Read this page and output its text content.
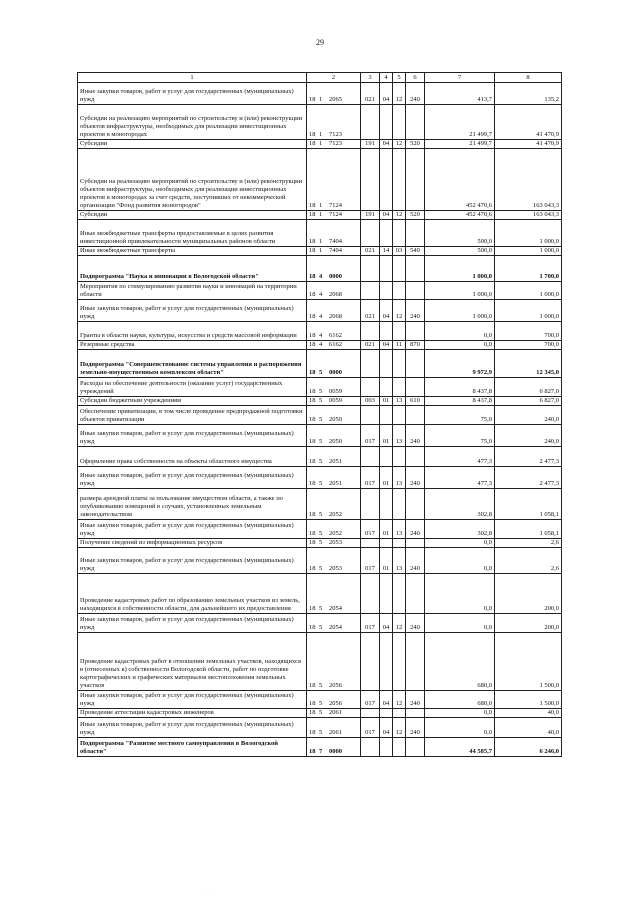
29
1	2	3	4	5	6	7	8
Иные закупки товаров, работ и услуг для государственных (муниципальных) нужд	18 1 2065	021	04	12	240	413,7	135,2
Субсидии на реализацию мероприятий по строительству и (или) реконструкции объектов инфраструктуры, необходимых для реализации инвестиционных проектов в моногородах	18 1 7123					21 499,7	41 470,9
Субсидии	18 1 7123	191	04	12	520	21 499,7	41 470,9
Субсидии на реализацию мероприятий по строительству и (или) реконструкции объектов инфраструктуры, необходимых для реализации инвестиционных проектов в моногородах за счет средств, поступивших от некоммерческой организации "Фонд развития моногородов"	18 1 7124					452 470,6	163 043,3
Субсидии	18 1 7124	191	04	12	520	452 470,6	163 043,3
Иные межбюджетные трансферты предоставляемые в целях развития инвестиционной привлекательности муниципальных районов области	18 1 7404					500,0	1 000,0
Иные межбюджетные трансферты	18 1 7404	021	14	03	540	500,0	1 000,0
Подпрограмма "Наука и инновации в Вологодской области"	18 4 0000					1 000,0	1 700,0
Мероприятия по стимулированию развития науки и инноваций на территории области	18 4 2068					1 000,0	1 000,0
Иные закупки товаров, работ и услуг для государственных (муниципальных) нужд	18 4 2068	021	04	12	240	1 000,0	1 000,0
Гранты в области науки, культуры, искусства и средств массовой информации	18 4 6162					0,0	700,0
Резервные средства	18 4 6162	021	04	11	870	0,0	700,0
Подпрограмма "Совершенствование системы управления и распоряжения земельно-имущественным комплексом области"	18 5 0000					9 972,9	12 345,0
Расходы на обеспечение деятельности (оказание услуг) государственных учреждений	18 5 0059					8 437,8	6 827,0
Субсидии бюджетным учреждениям	18 5 0059	003	01	13	610	8 437,8	6 827,0
Обеспечение приватизации, в том числе проведение предпродажной подготовки объектов приватизации	18 5 2050					75,0	240,0
Иные закупки товаров, работ и услуг для государственных (муниципальных) нужд	18 5 2050	017	01	13	240	75,0	240,0
Оформление права собственности на объекты областного имущества	18 5 2051					477,3	2 477,3
Иные закупки товаров, работ и услуг для государственных (муниципальных) нужд	18 5 2051	017	01	13	240	477,3	2 477,3
размера арендной платы за пользование имуществом области, а также по опубликованию извещений в случаях, установленных земельным законодательством	18 5 2052					302,8	1 058,1
Иные закупки товаров, работ и услуг для государственных (муниципальных) нужд	18 5 2052	017	01	13	240	302,8	1 058,1
Получение сведений из информационных ресурсов	18 5 2053					0,0	2,6
Иные закупки товаров, работ и услуг для государственных (муниципальных) нужд	18 5 2053	017	01	13	240	0,0	2,6
Проведение кадастровых работ по образованию земельных участков из земель, находящихся в собственности области, для дальнейшего их предоставления	18 5 2054					0,0	200,0
Иные закупки товаров, работ и услуг для государственных (муниципальных) нужд	18 5 2054	017	04	12	240	0,0	200,0
Проведение кадастровых работ в отношении земельных участков, находящихся в (отнесенных к) собственности Вологодской области, работ по подготовке картографических и графических материалов местоположения земельных участков	18 5 2056					680,0	1 500,0
Иные закупки товаров, работ и услуг для государственных (муниципальных) нужд	18 5 2056	017	04	12	240	680,0	1 500,0
Проведение аттестации кадастровых инженеров	18 5 2061					0,0	40,0
Иные закупки товаров, работ и услуг для государственных (муниципальных) нужд	18 5 2061	017	04	12	240	0,0	40,0
Подпрограмма "Развитие местного самоуправления в Вологодской области"	18 7 0000					44 585,7	6 246,0
·
